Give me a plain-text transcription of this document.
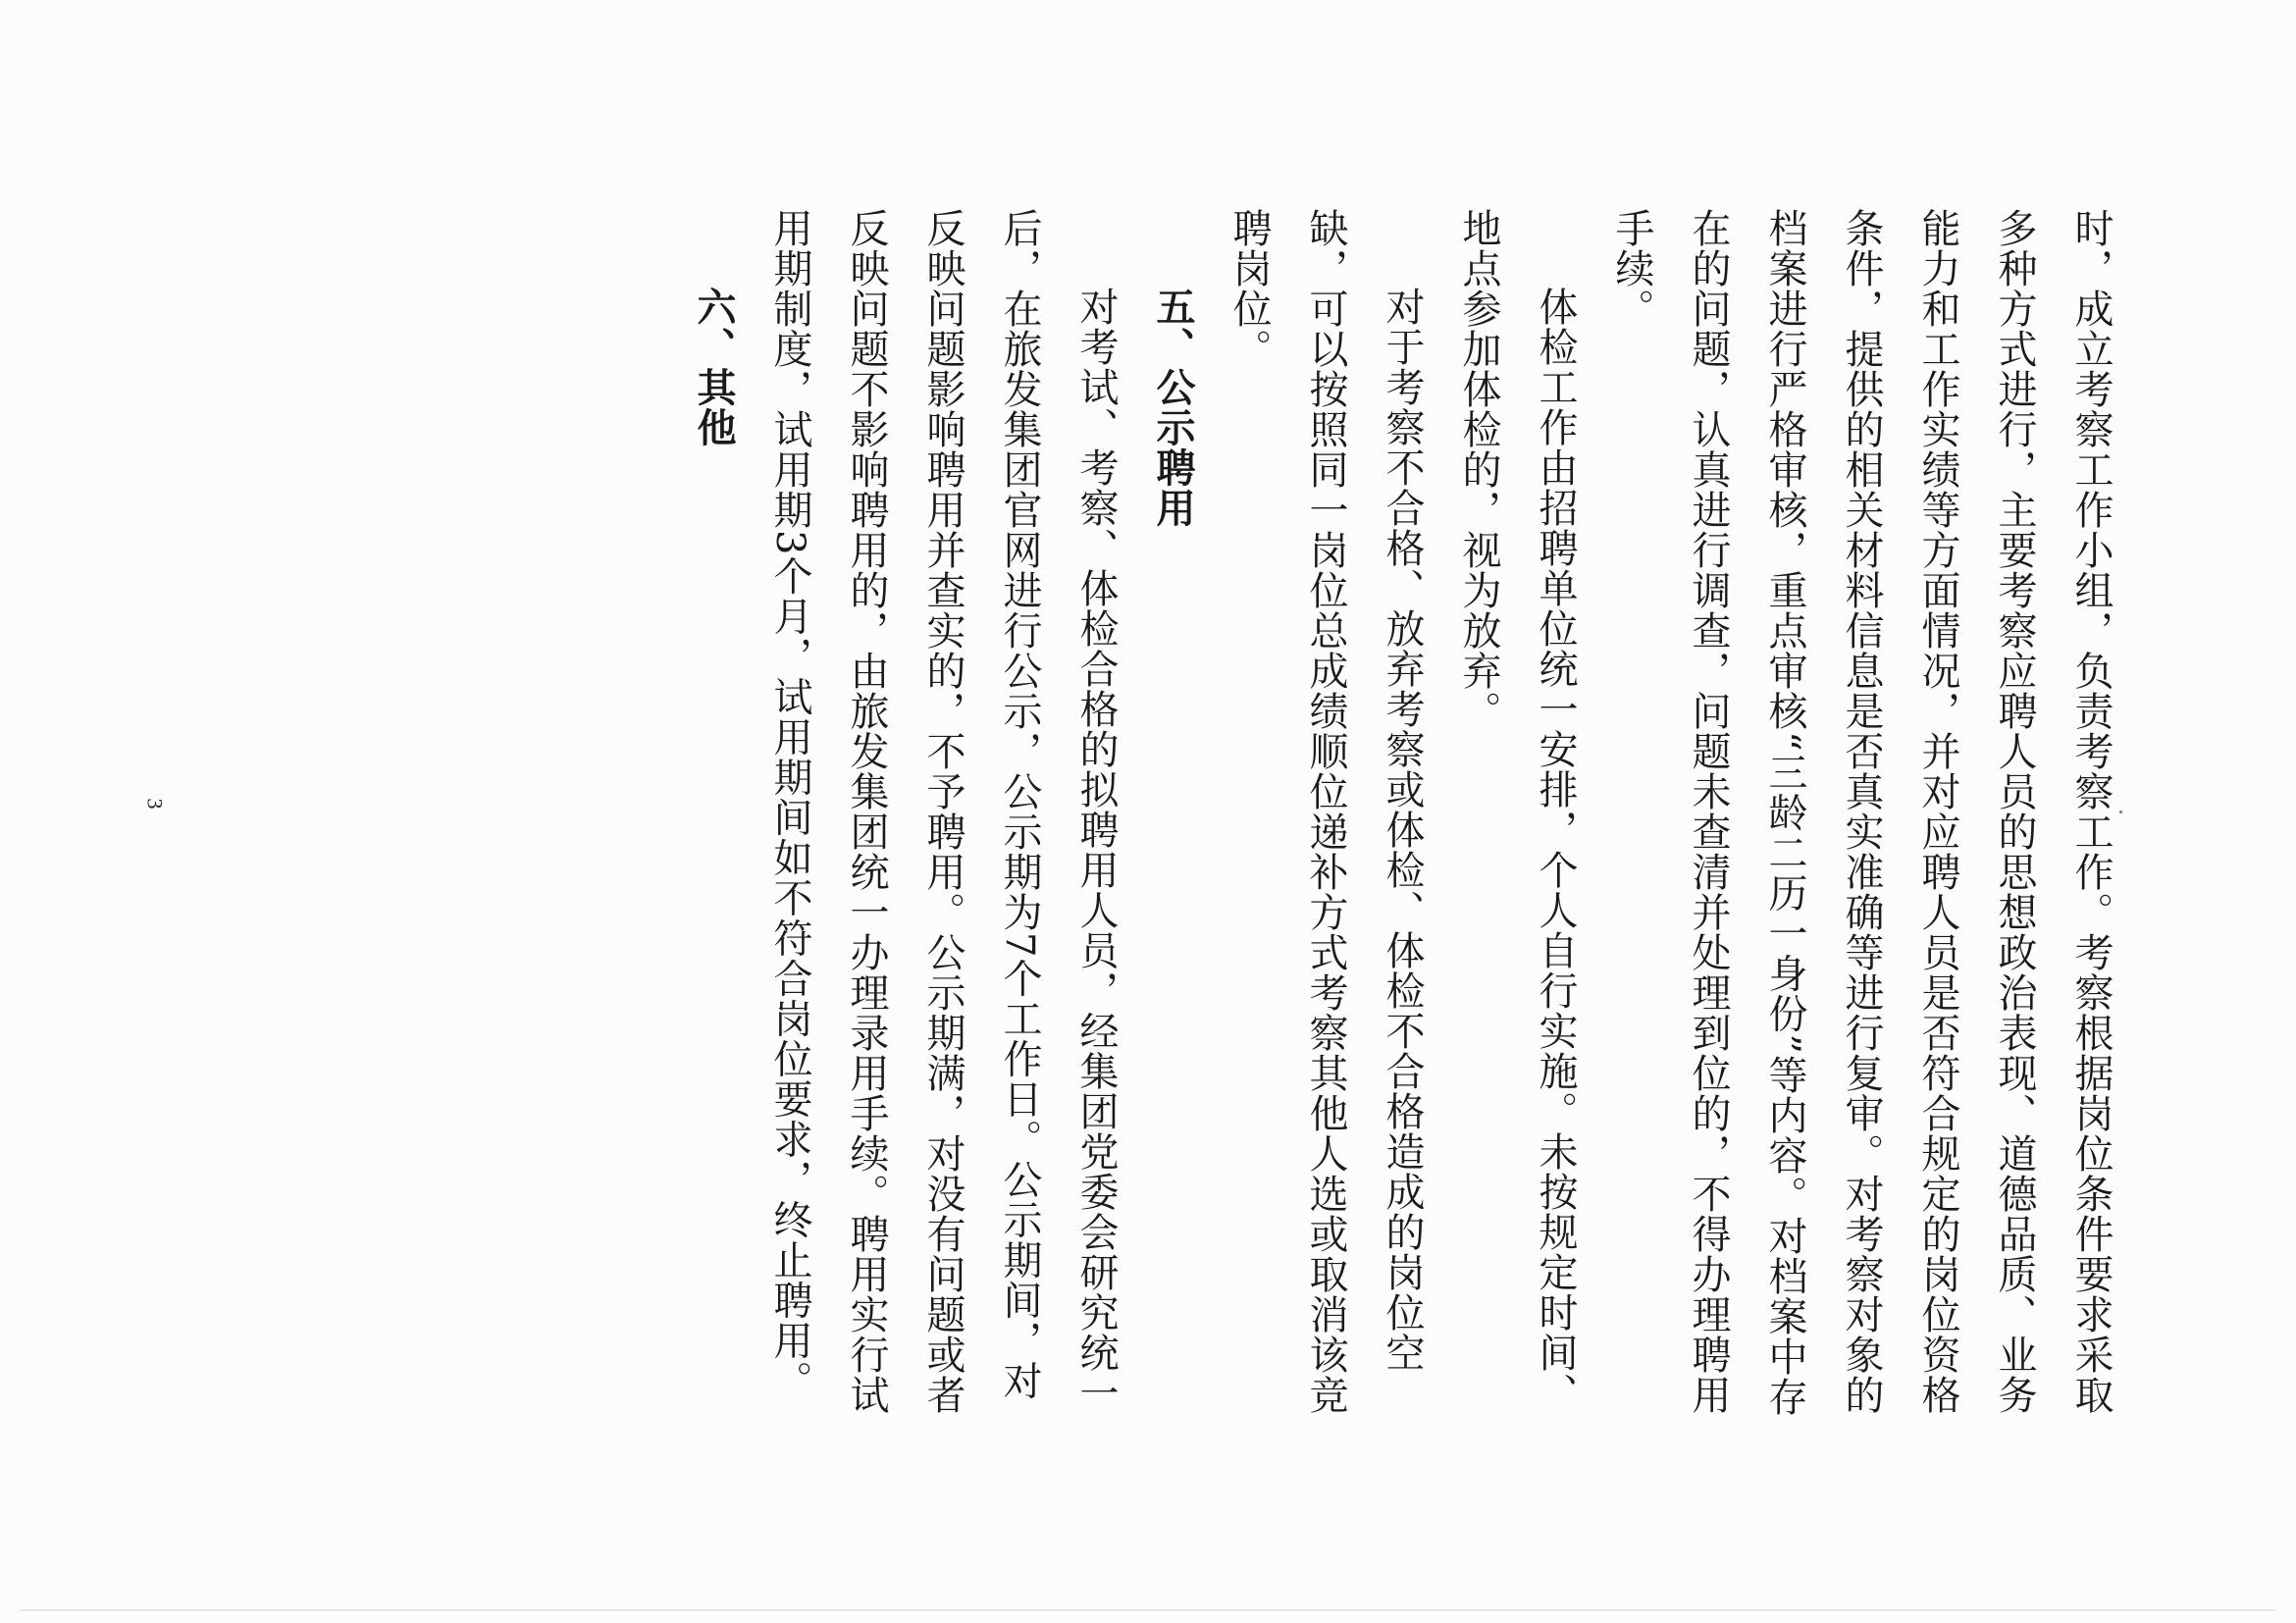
时，成立考察工作小组，负责考察工作。考察根据岗位条件要求采取多种方式进行，主要考察应聘人员的思想政治表现、道德品质、业务能力和工作实绩等方面情况，并对应聘人员是否符合规定的岗位资格条件，提供的相关材料信息是否真实准确等进行复审。对考察对象的档案进行严格审核，重点审核“三龄二历一身份”等内容。对档案中存在的问题，认真进行调查，问题未查清并处理到位的，不得办理聘用手续。

体检工作由招聘单位统一安排，个人自行实施。未按规定时间、地点参加体检的，视为放弃。

对于考察不合格、放弃考察或体检、体检不合格造成的岗位空缺，可以按照同一岗位总成绩顺位递补方式考察其他人选或取消该竞聘岗位。

五、公示聘用

对考试、考察、体检合格的拟聘用人员，经集团党委会研究统一后，在旅发集团官网进行公示，公示期为7个工作日。公示期间，对反映问题影响聘用并查实的，不予聘用。公示期满，对没有问题或者反映问题不影响聘用的，由旅发集团统一办理录用手续。聘用实行试用期制度，试用期3个月，试用期间如不符合岗位要求，终止聘用。

六、其他

3
